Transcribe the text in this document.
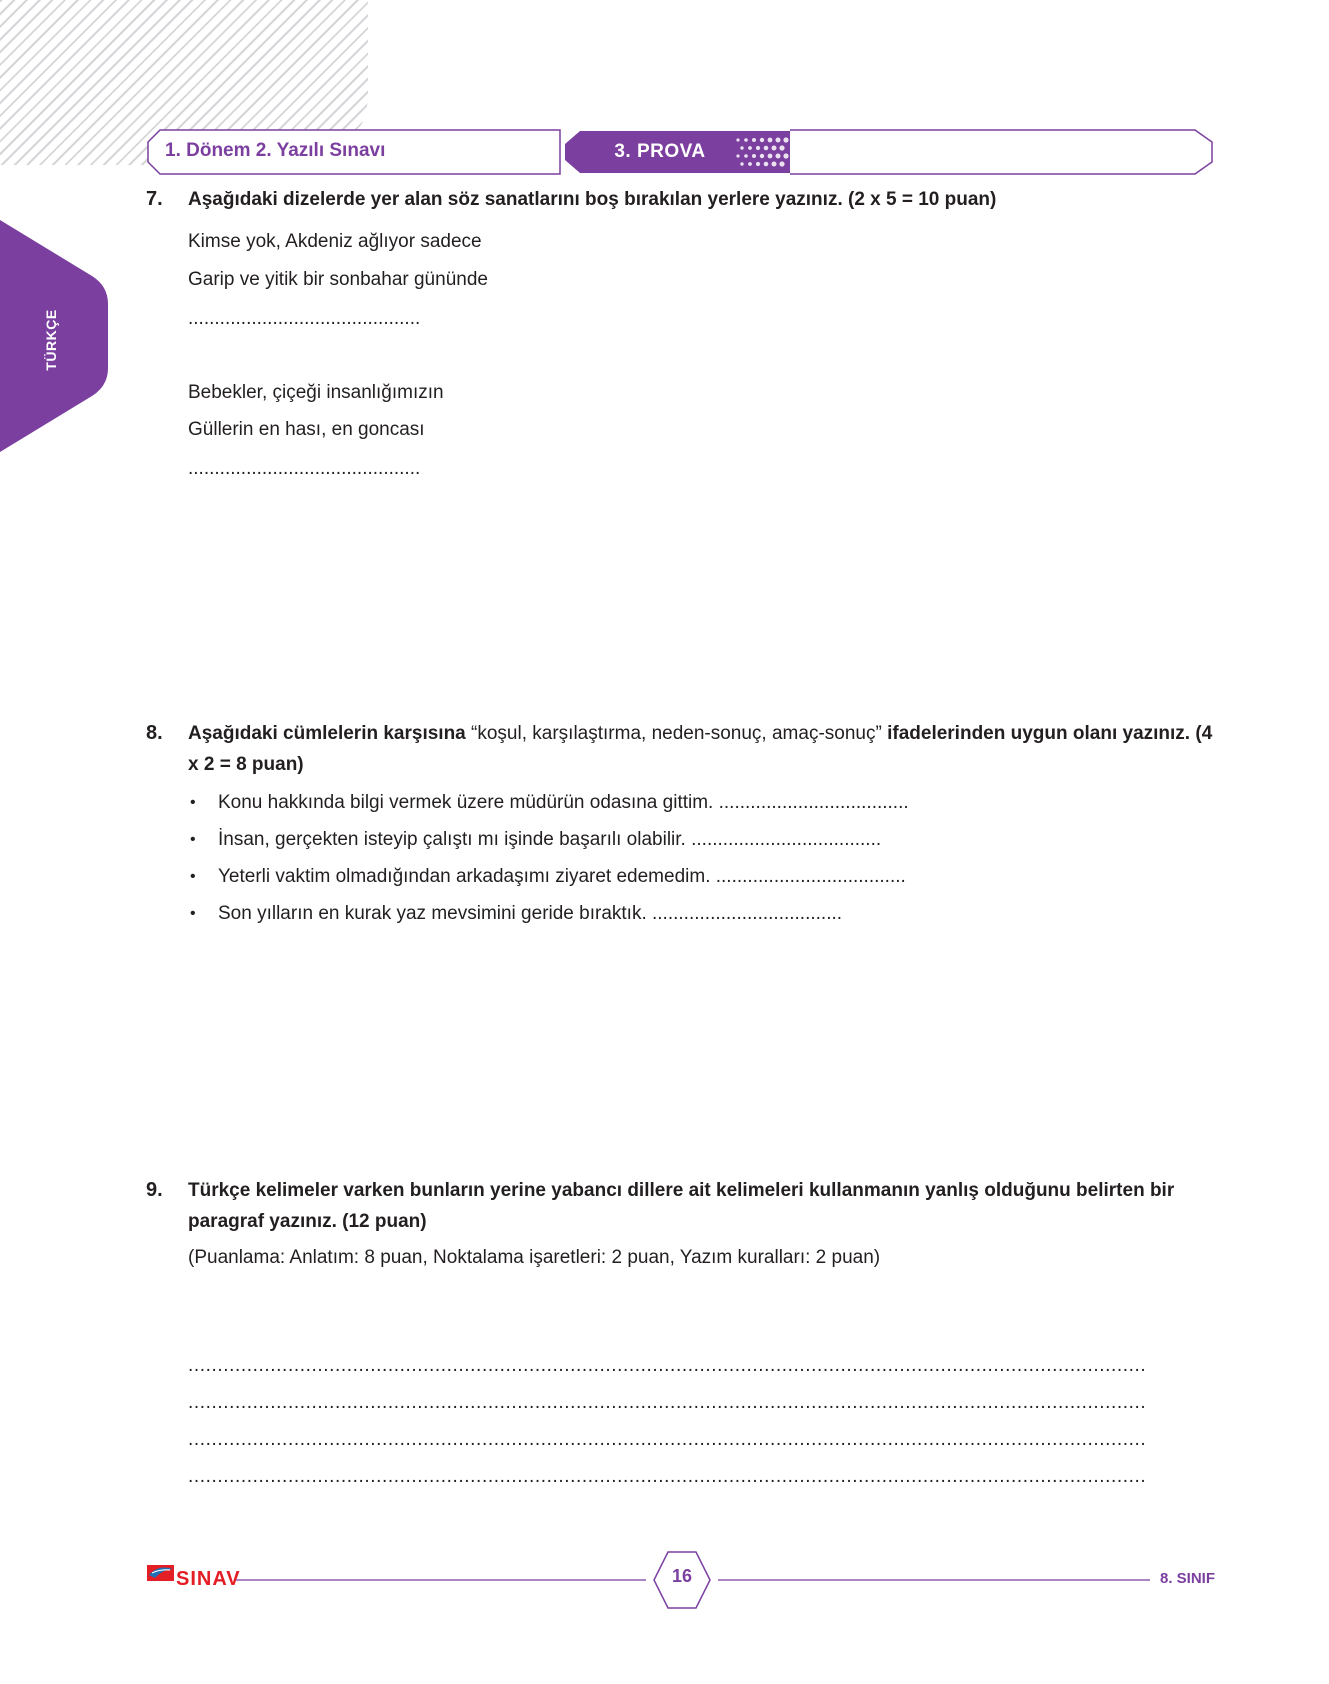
1. Dönem 2. Yazılı Sınavı	3. PROVA
TÜRKÇE
7. Aşağıdaki dizelerde yer alan söz sanatlarını boş bırakılan yerlere yazınız. (2 x 5 = 10 puan)
Kimse yok, Akdeniz ağlıyor sadece
Garip ve yitik bir sonbahar gününde
............................................
Bebekler, çiçeği insanlığımızın
Güllerin en hası, en goncası
............................................
8. Aşağıdaki cümlelerin karşısına “koşul, karşılaştırma, neden-sonuç, amaç-sonuç” ifadelerinden uygun olanı yazınız. (4 x 2 = 8 puan)
• Konu hakkında bilgi vermek üzere müdürün odasına gittim. ....................................
• İnsan, gerçekten isteyip çalıştı mı işinde başarılı olabilir. ....................................
• Yeterli vaktim olmadığından arkadaşımı ziyaret edemedim. ....................................
• Son yılların en kurak yaz mevsimini geride bıraktık. ....................................
9. Türkçe kelimeler varken bunların yerine yabancı dillere ait kelimeleri kullanmanın yanlış olduğunu belirten bir paragraf yazınız. (12 puan)
(Puanlama: Anlatım: 8 puan, Noktalama işaretleri: 2 puan, Yazım kuralları: 2 puan)
...................................................................................................................................................................
...................................................................................................................................................................
...................................................................................................................................................................
...................................................................................................................................................................
SINAV	16	8. SINIF
